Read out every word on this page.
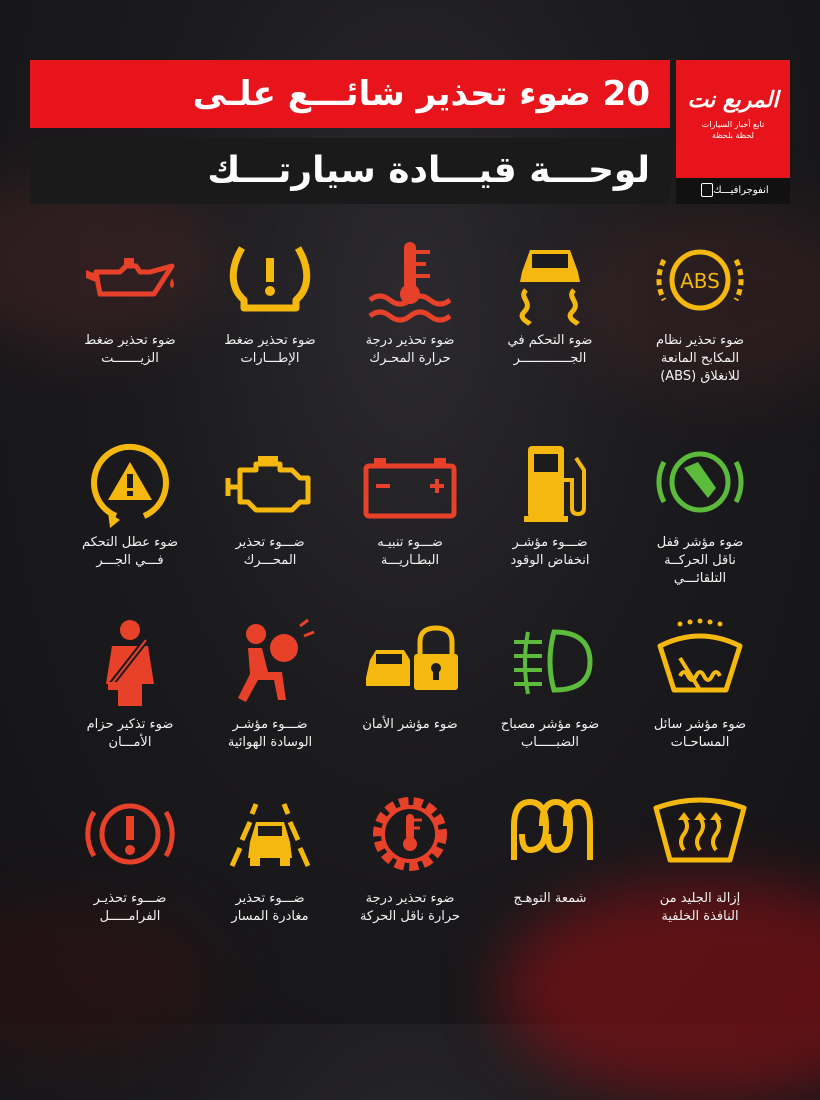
20 ضوء تحذير شائـــع علـى
لوحـــة قيـــادة سيارتـــك
المربع نت
تابع أخبار السيارات
لحظة بلحظة
انفوجرافيـــك
ABS
ضوء تحذير نظام
المكابح المانعة
للانغلاق (ABS)
ضوء التحكم في
الجـــــــــــــر
ضوء تحذير درجة
حرارة المحـرك
ضوء تحذير ضغط
الإطـــارات
ضوء تحذير ضغط
الزيـــــــت
ضوء مؤشر قفل
ناقل الحركــة
التلقائـــي
ضـــوء مؤشـر
انخفاض الوقود
ضـــوء تنبيـه
البطـاريـــة
ضـــوء تحذير
المحـــرك
ضوء عطل التحكم
فـــي الجـــر
ضوء مؤشر سائل
المساحـات
ضوء مؤشر مصباح
الضبـــــاب
ضوء مؤشر الأمان
ضـــوء مؤشـر
الوسادة الهوائية
ضوء تذكير حزام
الأمـــان
إزالة الجليد من
النافذة الخلفية
شمعة التوهـج
ضوء تحذير درجة
حرارة ناقل الحركة
ضـــوء تحذير
مغادرة المسار
ضـــوء تحذيـر
الفرامـــــل
